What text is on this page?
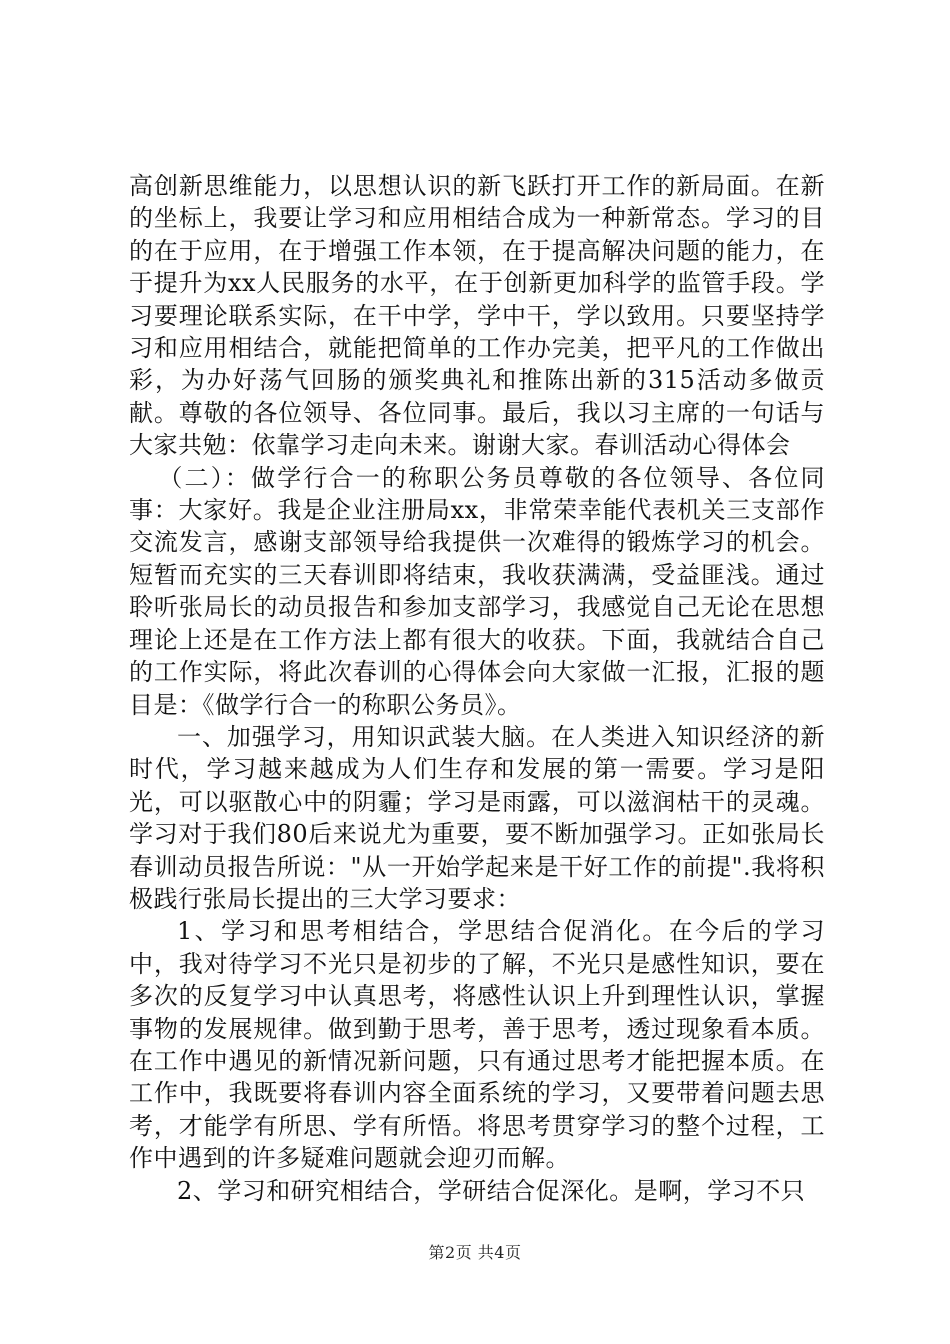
高创新思维能力，以思想认识的新飞跃打开工作的新局面。在新的坐标上，我要让学习和应用相结合成为一种新常态。学习的目的在于应用，在于增强工作本领，在于提高解决问题的能力，在于提升为xx人民服务的水平，在于创新更加科学的监管手段。学习要理论联系实际，在干中学，学中干，学以致用。只要坚持学习和应用相结合，就能把简单的工作办完美，把平凡的工作做出彩，为办好荡气回肠的颁奖典礼和推陈出新的315活动多做贡献。尊敬的各位领导、各位同事。最后，我以习主席的一句话与大家共勉：依靠学习走向未来。谢谢大家。春训活动心得体会

（二）：做学行合一的称职公务员尊敬的各位领导、各位同事：大家好。我是企业注册局xx，非常荣幸能代表机关三支部作交流发言，感谢支部领导给我提供一次难得的锻炼学习的机会。短暂而充实的三天春训即将结束，我收获满满，受益匪浅。通过聆听张局长的动员报告和参加支部学习，我感觉自己无论在思想理论上还是在工作方法上都有很大的收获。下面，我就结合自己的工作实际，将此次春训的心得体会向大家做一汇报，汇报的题目是：《做学行合一的称职公务员》。

一、加强学习，用知识武装大脑。在人类进入知识经济的新时代，学习越来越成为人们生存和发展的第一需要。学习是阳光，可以驱散心中的阴霾；学习是雨露，可以滋润枯干的灵魂。学习对于我们80后来说尤为重要，要不断加强学习。正如张局长春训动员报告所说："从一开始学起来是干好工作的前提".我将积极践行张局长提出的三大学习要求：

1、学习和思考相结合，学思结合促消化。在今后的学习中，我对待学习不光只是初步的了解，不光只是感性知识，要在多次的反复学习中认真思考，将感性认识上升到理性认识，掌握事物的发展规律。做到勤于思考，善于思考，透过现象看本质。在工作中遇见的新情况新问题，只有通过思考才能把握本质。在工作中，我既要将春训内容全面系统的学习，又要带着问题去思考，才能学有所思、学有所悟。将思考贯穿学习的整个过程，工作中遇到的许多疑难问题就会迎刃而解。

2、学习和研究相结合，学研结合促深化。是啊，学习不只

第2页 共4页
